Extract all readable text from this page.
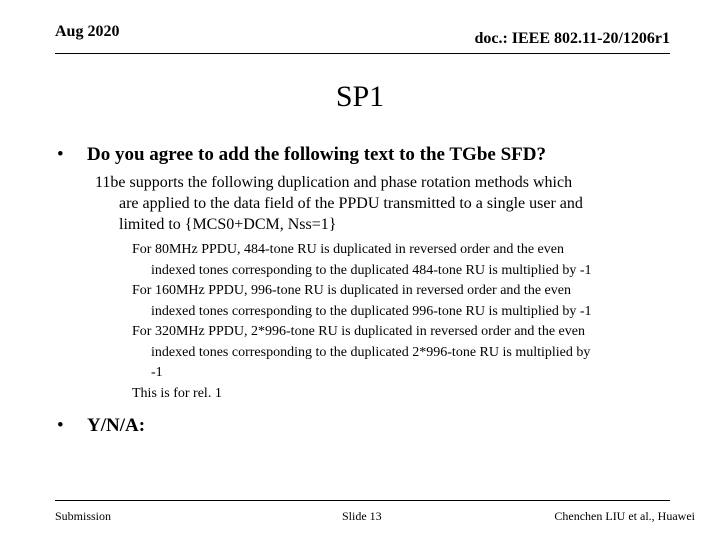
Aug 2020	doc.: IEEE 802.11-20/1206r1
SP1
• Do you agree to add the following text to the TGbe SFD?
11be supports the following duplication and phase rotation methods which
are applied to the data field of the PPDU transmitted to a single user and
limited to {MCS0+DCM, Nss=1}
For 80MHz PPDU, 484-tone RU is duplicated in reversed order and the even
indexed tones corresponding to the duplicated 484-tone RU is multiplied by -1
For 160MHz PPDU, 996-tone RU is duplicated in reversed order and the even
indexed tones corresponding to the duplicated 996-tone RU is multiplied by -1
For 320MHz PPDU, 2*996-tone RU is duplicated in reversed order and the even
indexed tones corresponding to the duplicated 2*996-tone RU is multiplied by
-1
This is for rel. 1
• Y/N/A:
Submission	Slide 13	Chenchen LIU et al., Huawei
